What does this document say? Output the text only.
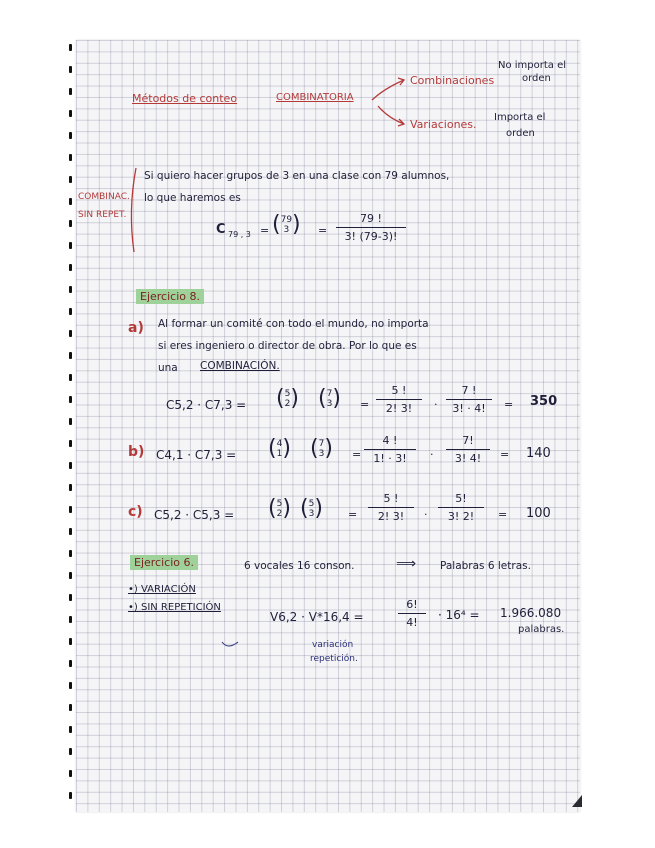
Métodos de conteo	COMBINATORIA
Combinaciones
No importa el
orden
Variaciones.
Importa el
orden
COMBINAC.
SIN REPET.
Si quiero hacer grupos de 3 en una clase con 79 alumnos,
lo que haremos es
C 79 , 3 = ( 79
3 ) =
79 !
3! (79-3)!
Ejercicio 8.
a) Al formar un comité con todo el mundo, no importa
si eres ingeniero o director de obra. Por lo que es
una COMBINACIÓN.
C5,2 · C7,3 = ( 5
2 ) ( 7
3 ) =
5 !
2! 3! ·
7 !
3! · 4! = 350
b) C4,1 · C7,3 = ( 4
1 ) ( 7
3 ) =
4 !
1! · 3! ·
7!
3! 4! = 140
c) C5,2 · C5,3 = ( 5
2 ) ( 5
3 ) =
5 !
2! 3! ·
5!
3! 2! = 100
Ejercicio 6.	6 vocales 16 conson.	⟹ Palabras 6 letras.
•) VARIACIÓN
•) SIN REPETICIÓN
V6,2 · V*16,4 =
6!
4!
· 16⁴ = 1.966.080
palabras.
variación
repetición.
